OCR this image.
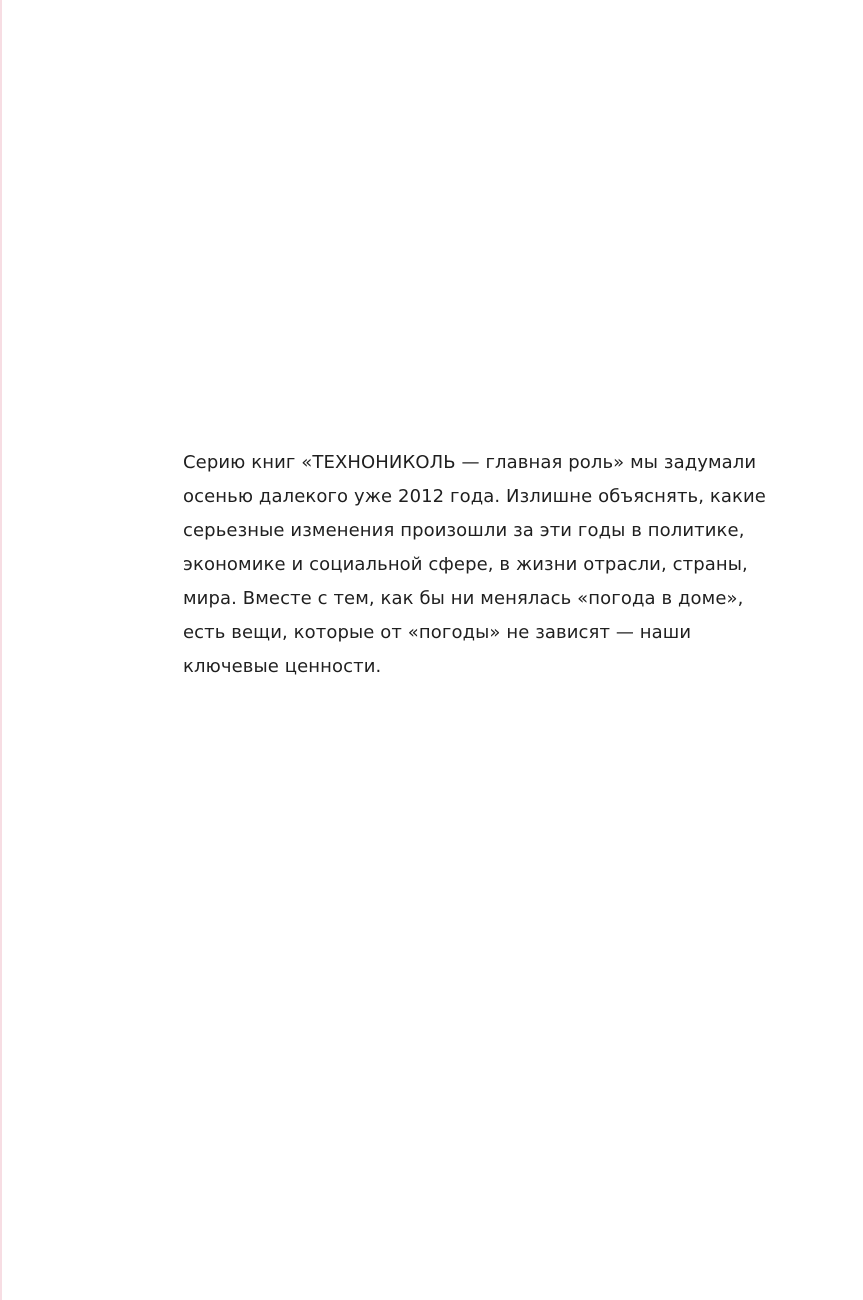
Серию книг «ТЕХНОНИКОЛЬ — главная роль» мы задумали
осенью далекого уже 2012 года. Излишне объяснять, какие
серьезные изменения произошли за эти годы в политике,
экономике и социальной сфере, в жизни отрасли, страны,
мира. Вместе с тем, как бы ни менялась «погода в доме»,
есть вещи, которые от «погоды» не зависят — наши
ключевые ценности.
